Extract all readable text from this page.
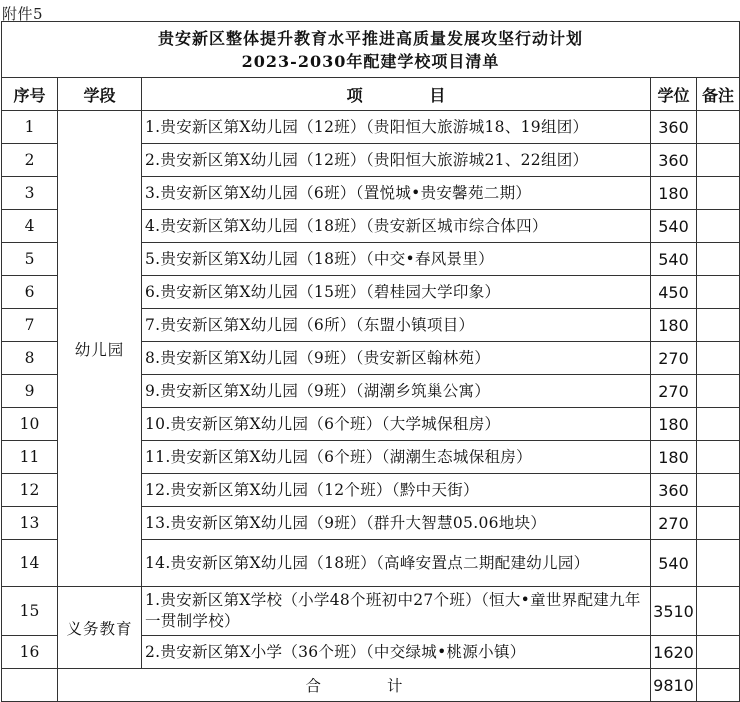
附件5
贵安新区整体提升教育水平推进高质量发展攻坚行动计划
2023-2030年配建学校项目清单				

序号	学段	项            目	学位	备注
1	幼儿园	1.贵安新区第X幼儿园（12班）（贵阳恒大旅游城18、19组团）	360	
2		2.贵安新区第X幼儿园（12班）（贵阳恒大旅游城21、22组团）	360	
3		3.贵安新区第X幼儿园（6班）（置悦城•贵安馨苑二期）	180	
4		4.贵安新区第X幼儿园（18班）（贵安新区城市综合体四）	540	
5		5.贵安新区第X幼儿园（18班）（中交•春风景里）	540	
6		6.贵安新区第X幼儿园（15班）（碧桂园大学印象）	450	
7		7.贵安新区第X幼儿园（6所）（东盟小镇项目）	180	
8		8.贵安新区第X幼儿园（9班）（贵安新区翰林苑）	270	
9		9.贵安新区第X幼儿园（9班）（湖潮乡筑巢公寓）	270	
10		10.贵安新区第X幼儿园（6个班）（大学城保租房）	180	
11		11.贵安新区第X幼儿园（6个班）（湖潮生态城保租房）	180	
12		12.贵安新区第X幼儿园（12个班）（黔中天街）	360	
13		13.贵安新区第X幼儿园（9班）（群升大智慧05.06地块）	270	
14		14.贵安新区第X幼儿园（18班）（高峰安置点二期配建幼儿园）	540	
15	义务教育	1.贵安新区第X学校（小学48个班初中27个班）（恒大•童世界配建九年一贯制学校）	3510	
16		2.贵安新区第X小学（36个班）（中交绿城•桃源小镇）	1620	
	合 计		9810	
